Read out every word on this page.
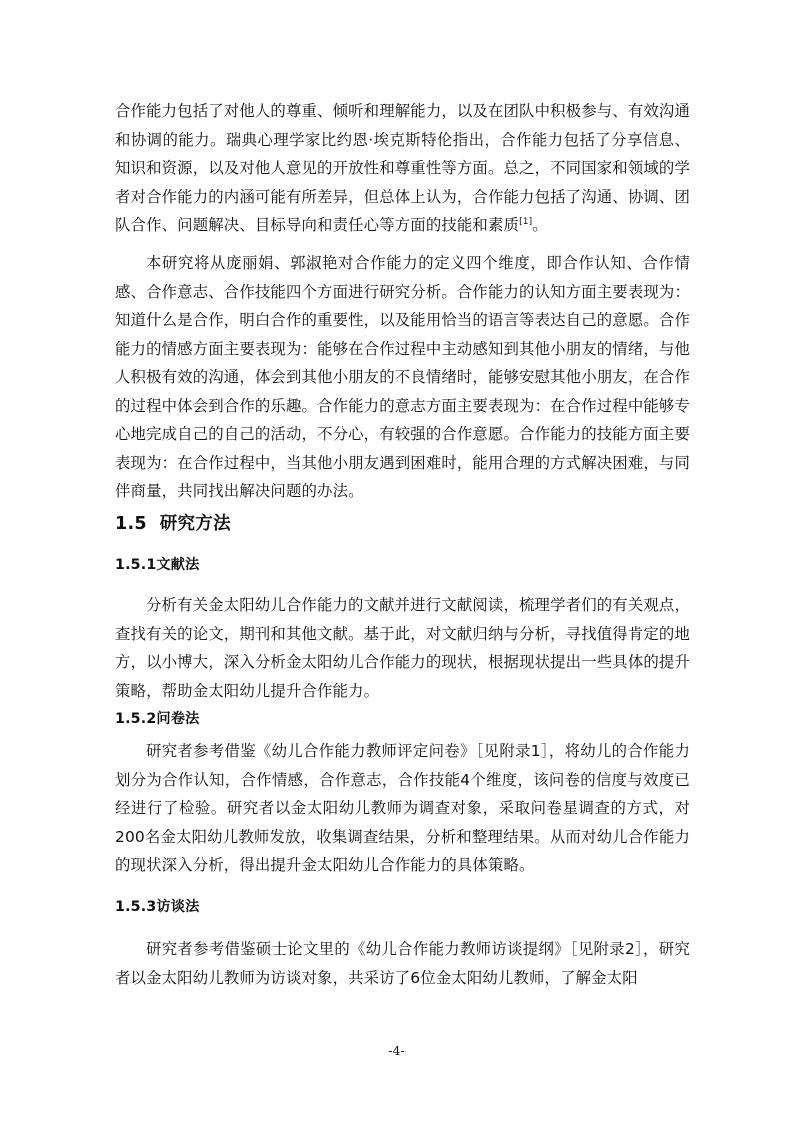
合作能力包括了对他人的尊重、倾听和理解能力，以及在团队中积极参与、有效沟通和协调的能力。瑞典心理学家比约恩·埃克斯特伦指出，合作能力包括了分享信息、知识和资源，以及对他人意见的开放性和尊重性等方面。总之，不同国家和领域的学者对合作能力的内涵可能有所差异，但总体上认为，合作能力包括了沟通、协调、团队合作、问题解决、目标导向和责任心等方面的技能和素质[1]。

本研究将从庞丽娟、郭淑艳对合作能力的定义四个维度，即合作认知、合作情感、合作意志、合作技能四个方面进行研究分析。合作能力的认知方面主要表现为：知道什么是合作，明白合作的重要性，以及能用恰当的语言等表达自己的意愿。合作能力的情感方面主要表现为：能够在合作过程中主动感知到其他小朋友的情绪，与他人积极有效的沟通，体会到其他小朋友的不良情绪时，能够安慰其他小朋友，在合作的过程中体会到合作的乐趣。合作能力的意志方面主要表现为：在合作过程中能够专心地完成自己的自己的活动，不分心，有较强的合作意愿。合作能力的技能方面主要表现为：在合作过程中，当其他小朋友遇到困难时，能用合理的方式解决困难，与同伴商量，共同找出解决问题的办法。

1.5 研究方法
1.5.1文献法

分析有关金太阳幼儿合作能力的文献并进行文献阅读，梳理学者们的有关观点，查找有关的论文，期刊和其他文献。基于此，对文献归纳与分析，寻找值得肯定的地方，以小博大，深入分析金太阳幼儿合作能力的现状，根据现状提出一些具体的提升策略，帮助金太阳幼儿提升合作能力。

1.5.2问卷法

研究者参考借鉴《幼儿合作能力教师评定问卷》［见附录1］，将幼儿的合作能力划分为合作认知，合作情感，合作意志，合作技能4个维度，该问卷的信度与效度已经进行了检验。研究者以金太阳幼儿教师为调查对象，采取问卷星调查的方式，对200名金太阳幼儿教师发放，收集调查结果，分析和整理结果。从而对幼儿合作能力的现状深入分析，得出提升金太阳幼儿合作能力的具体策略。

1.5.3访谈法

研究者参考借鉴硕士论文里的《幼儿合作能力教师访谈提纲》［见附录2］，研究者以金太阳幼儿教师为访谈对象，共采访了6位金太阳幼儿教师，了解金太阳

-4-
